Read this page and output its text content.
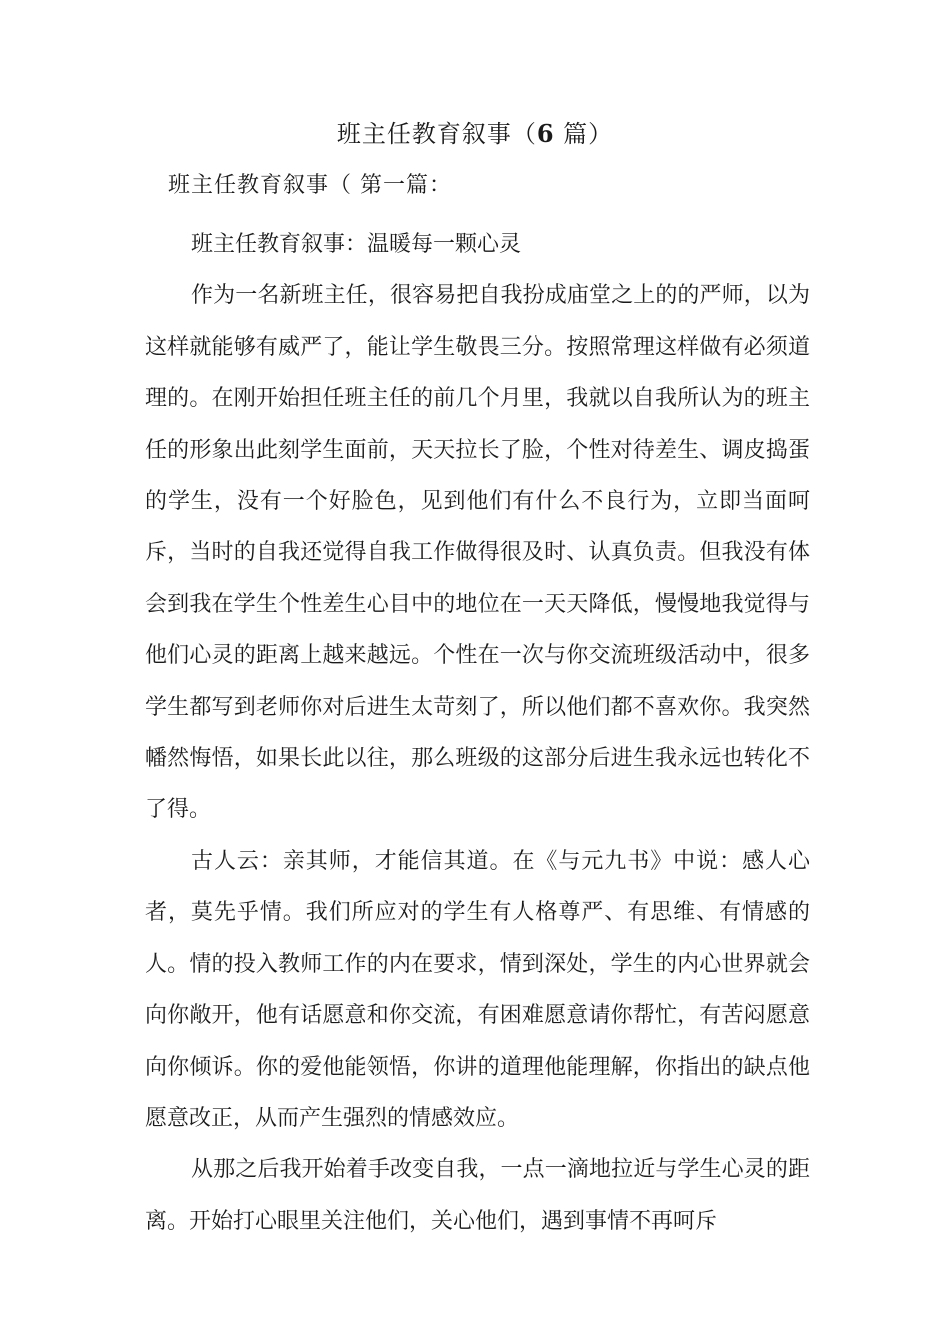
班主任教育叙事（6 篇）
班主任教育叙事（ 第一篇：

班主任教育叙事：温暖每一颗心灵

作为一名新班主任，很容易把自我扮成庙堂之上的的严师，以为这样就能够有威严了，能让学生敬畏三分。按照常理这样做有必须道理的。在刚开始担任班主任的前几个月里，我就以自我所认为的班主任的形象出此刻学生面前，天天拉长了脸，个性对待差生、调皮捣蛋的学生，没有一个好脸色，见到他们有什么不良行为，立即当面呵斥，当时的自我还觉得自我工作做得很及时、认真负责。但我没有体会到我在学生个性差生心目中的地位在一天天降低，慢慢地我觉得与他们心灵的距离上越来越远。个性在一次与你交流班级活动中，很多学生都写到老师你对后进生太苛刻了，所以他们都不喜欢你。我突然幡然悔悟，如果长此以往，那么班级的这部分后进生我永远也转化不了得。

古人云：亲其师，才能信其道。在《与元九书》中说：感人心者，莫先乎情。我们所应对的学生有人格尊严、有思维、有情感的人。情的投入教师工作的内在要求，情到深处，学生的内心世界就会向你敞开，他有话愿意和你交流，有困难愿意请你帮忙，有苦闷愿意向你倾诉。你的爱他能领悟，你讲的道理他能理解，你指出的缺点他愿意改正，从而产生强烈的情感效应。

从那之后我开始着手改变自我，一点一滴地拉近与学生心灵的距离。开始打心眼里关注他们，关心他们，遇到事情不再呵斥
